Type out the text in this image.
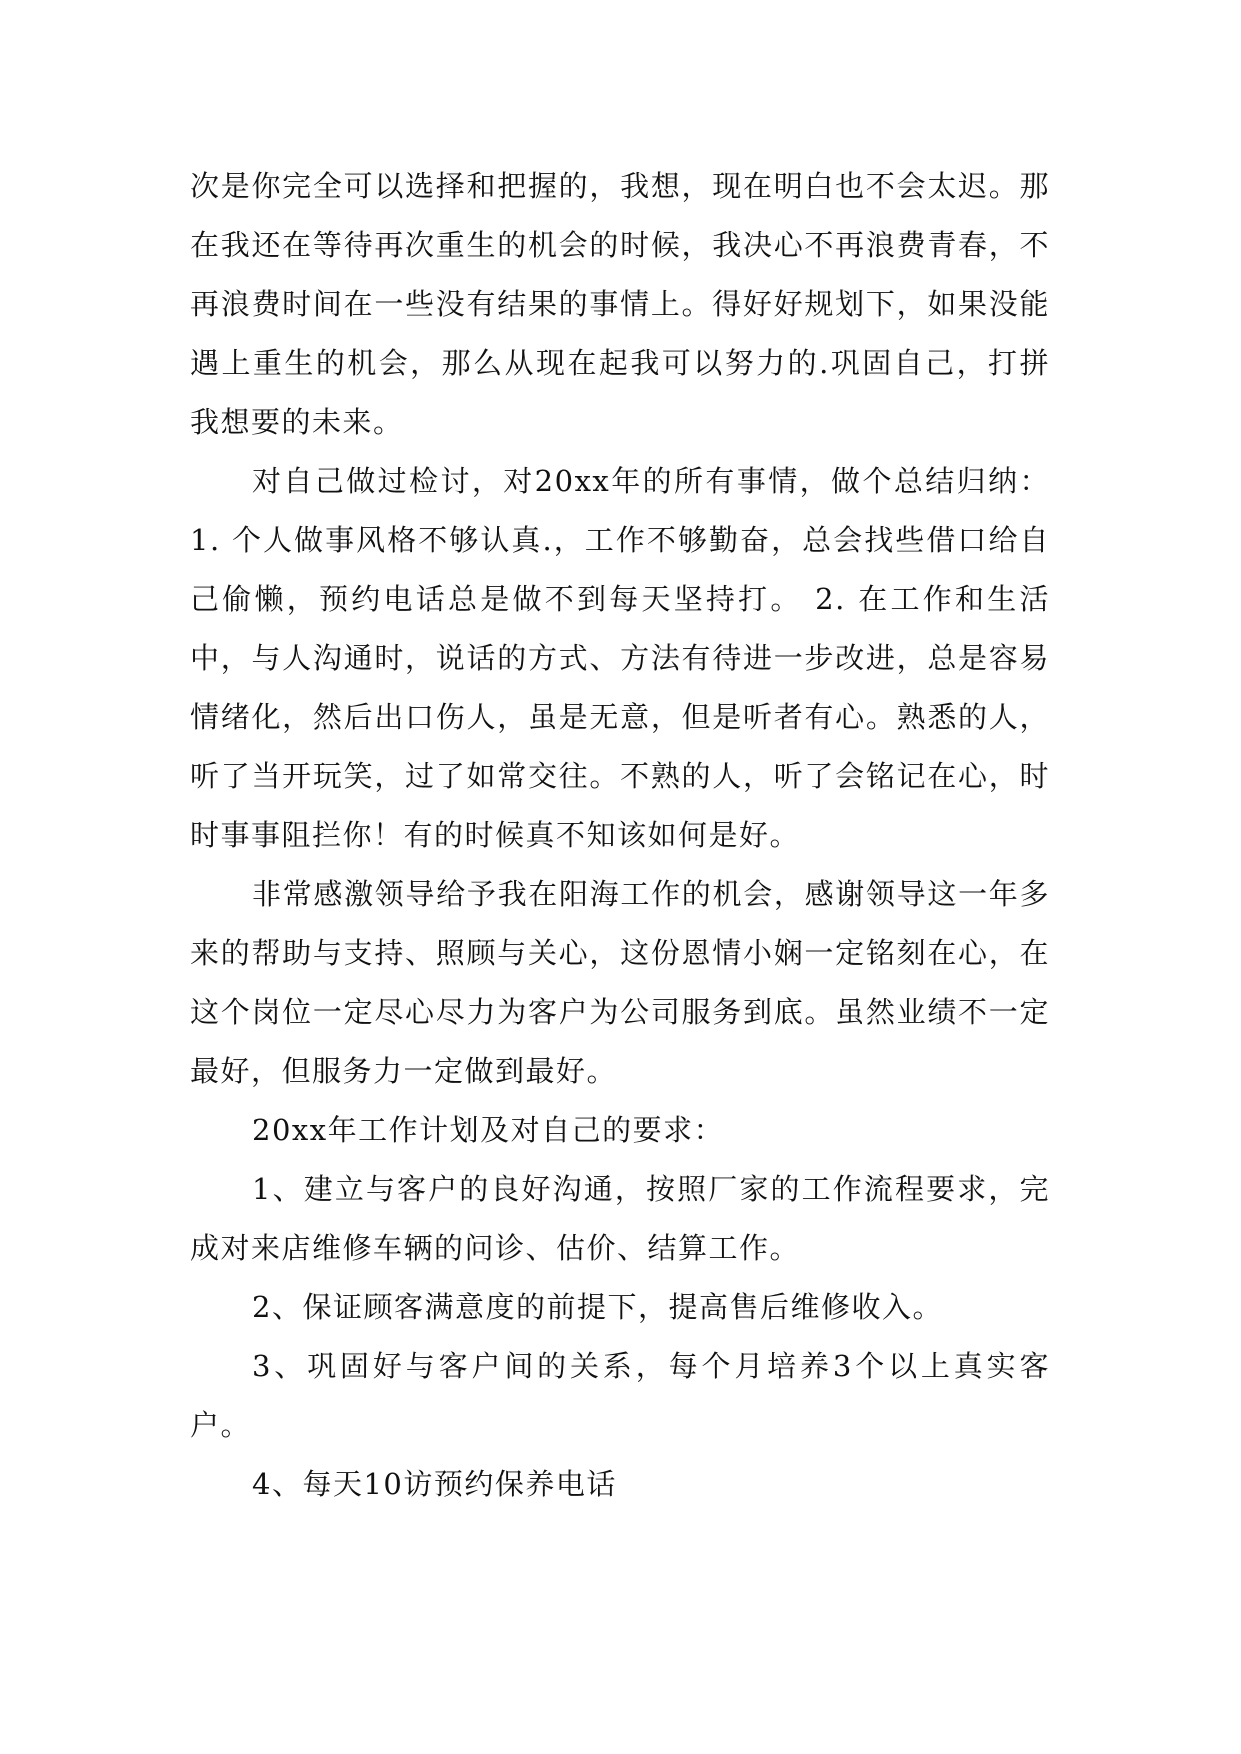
次是你完全可以选择和把握的，我想，现在明白也不会太迟。那在我还在等待再次重生的机会的时候，我决心不再浪费青春，不再浪费时间在一些没有结果的事情上。得好好规划下，如果没能遇上重生的机会，那么从现在起我可以努力的.巩固自己，打拼我想要的未来。

对自己做过检讨，对20xx年的所有事情，做个总结归纳：1. 个人做事风格不够认真.，工作不够勤奋，总会找些借口给自己偷懒，预约电话总是做不到每天坚持打。 2. 在工作和生活中，与人沟通时，说话的方式、方法有待进一步改进，总是容易情绪化，然后出口伤人，虽是无意，但是听者有心。熟悉的人，听了当开玩笑，过了如常交往。不熟的人，听了会铭记在心，时时事事阻拦你！有的时候真不知该如何是好。

非常感激领导给予我在阳海工作的机会，感谢领导这一年多来的帮助与支持、照顾与关心，这份恩情小娴一定铭刻在心，在这个岗位一定尽心尽力为客户为公司服务到底。虽然业绩不一定最好，但服务力一定做到最好。

20xx年工作计划及对自己的要求：

1、建立与客户的良好沟通，按照厂家的工作流程要求，完成对来店维修车辆的问诊、估价、结算工作。

2、保证顾客满意度的前提下，提高售后维修收入。

3、巩固好与客户间的关系，每个月培养3个以上真实客户。

4、每天10访预约保养电话
